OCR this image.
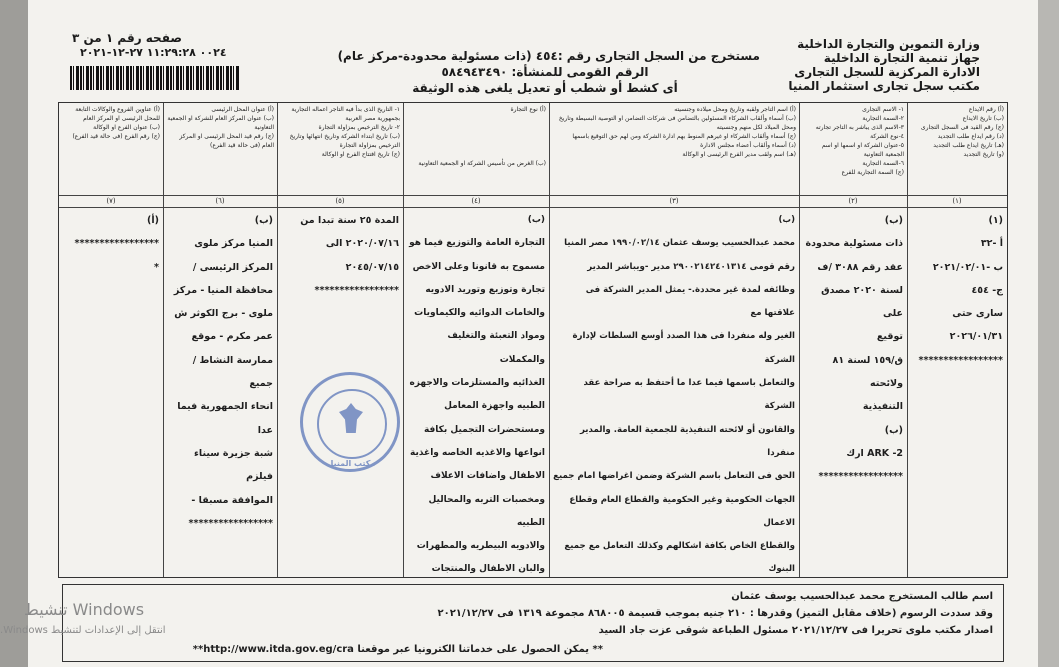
صفحه رقم ١ من ٣
٠٠٢٤ ١١:٢٩:٢٨ ٢٧-١٢-٢٠٢١	مستخرج من السجل التجارى رقم :٤٥٤ (ذات مسئولية محدودة-مركز عام)
الرقم القومى للمنشأة: ٥٨٤٩٤٣٤٩٠
أى كشط أو شطب أو تعديل يلغى هذه الوثيقة
وزارة التموين والتجارة الداخلية
جهاز تنمية التجارة الداخلية
الادارة المركزية للسجل التجارى
مكتب سجل تجارى استثمار المنيا
(أ) رقم الايداع
(ب) تاريخ الايداع
(ج) رقم القيد فى السجل التجارى
(د) رقم ايداع طلب التجديد
(هـ) تاريخ ايداع طلب التجديد
(و) تاريخ التجديد
(١)
(١)
أ -٣٢
ب -٢٠٢١/٠٢/٠١
ج- ٤٥٤
سارى حتى
٢٠٢٦/٠١/٣١
*****************
١- الاسم التجارى
٢-السمة التجارية
٣-الاسم الذى يباشر به التاجر تجارته
٤-نوع الشركة
٥-عنوان الشركة او اسمها او اسم الجمعية التعاونية
٦-السمة التجارية
(ج) السمة التجارية للفرع
(٢)
(ب)
ذات مسئولية محدودة
عقد رقم ٣٠٨٨ /ف
لسنة ٢٠٢٠ مصدق على
توقيع
ق/١٥٩ لسنة ٨١ ولائحته
التنفيذية
(ب)
ARK -2 ارك
*****************
(أ) اسم التاجر ولقبه وتاريخ ومحل ميلاده وجنسيته
(ب) أسماء وألقاب الشركاء المسئولين بالتضامن فى شركات التضامن او التوصية البسيطة وتاريخ ومحل الميلاد لكل منهم وجنسيته
(ج) أسماء وألقاب الشركاء او غيرهم المنوط بهم ادارة الشركة ومن لهم حق التوقيع باسمها
(د) أسماء وألقاب أعضاء مجلس الادارة
(هـ) اسم ولقب مدير الفرع الرئيسى او الوكالة
(٣)
(ب)
محمد عبدالحسيب يوسف عثمان ١٩٩٠/٠٢/١٤ مصر المنيا
رقم قومى ٢٩٠٠٢١٤٢٤٠١٣١٤ مدير -ويباشر المدير
وظائفه لمدة غير محددة.- يمثل المدير الشركة فى علاقتها مع
الغير وله منفردا فى هذا الصدد أوسع السلطات لإدارة الشركة
والتعامل باسمها فيما عدا ما أحتفظ به صراحة عقد الشركة
والقانون أو لائحته التنفيذية للجمعية العامة. والمدير منفردا
الحق فى التعامل باسم الشركة وضمن اغراضها امام جميع
الجهات الحكومية وغير الحكومية والقطاع العام وقطاع الاعمال
والقطاع الخاص بكافة اشكالهم وكذلك التعامل مع جميع البنوك

(أ) نوع التجارة

(ب) الغرض من تأسيس الشركة او الجمعية التعاونية
(٤)
(ب)
التجارة العامة والتوزيع فيما هو
مسموح به قانونا وعلى الاخص
تجارة وتوزيع وتوريد الادويه
والخامات الدوائيه والكيماويات
ومواد التعبئة والتغليف والمكملات
الغذائيه والمستلزمات والاجهزه
الطبيه واجهزة المعامل
ومستحضرات التجميل بكافة
انواعها والاغذيه الخاصه واغذية
الاطفال واضافات الاعلاف
ومخصبات التربه والمحاليل الطبيه
والادويه البيطريه والمطهرات
والبان الاطفال والمنتجات

١- التاريخ الذى بدأ فيه التاجر اعماله التجارية بجمهورية مصر العربية
٢- تاريخ الترخيص بمزاولة التجارة
(ب) تاريخ ابتداء الشركة وتاريخ انتهائها وتاريخ الترخيص بمزاولة التجارة
(ج) تاريخ افتتاح الفرع او الوكالة
(٥)
المدة ٢٥ سنة تبدا من
٢٠٢٠/٠٧/١٦ الى
٢٠٤٥/٠٧/١٥
*****************
(أ) عنوان المحل الرئيسى
(ب) عنوان المركز العام للشركة او الجمعية التعاونية
(ج) رقم قيد المحل الرئيسى او المركز العام (فى حالة قيد الفرع)
(٦)
(ب)
المنيا مركز ملوى
المركز الرئيسى /
محافظة المنيا - مركز
ملوى - برج الكوثر ش
عمر مكرم - موقع
ممارسة النشاط / جميع
انحاء الجمهورية فيما عدا
شبة جزيرة سيناء فيلزم
الموافقة مسبقا -
*****************
(أ) عناوين الفروع والوكالات التابعة للمحل الرئيسى او المركز العام
(ب) عنوان الفرع او الوكالة
(ج) رقم الفرع (فى حالة قيد الفرع)
(٧)
(أ)
*****************
*
مكتب المنيا
اسم طالب المستخرج محمد عبدالحسيب يوسف عثمان
وقد سددت الرسوم (خلاف مقابل التميز) وقدرها : ٢١٠ جنيه بموجب قسيمة ٨٦٨٠٠٥ مجموعة ١٣١٩ فى ٢٠٢١/١٢/٢٧
اصدار مكتب ملوى تحريرا فى ٢٠٢١/١٢/٢٧ مسئول الطباعة شوقى عزت جاد السيد
** يمكن الحصول على خدماتنا الكترونيا عبر موقعنا http://www.itda.gov.eg/cra**
تنشيط Windows
انتقل إلى الإعدادات لتنشيط Windows.
